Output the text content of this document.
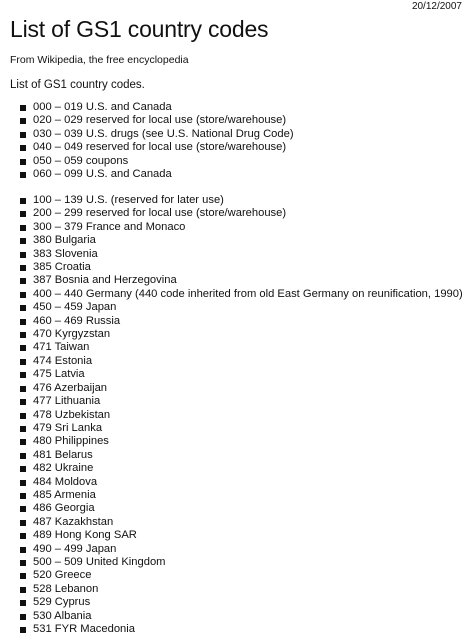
20/12/2007
List of GS1 country codes

From Wikipedia, the free encyclopedia

List of GS1 country codes.

000 – 019 U.S. and Canada
020 – 029 reserved for local use (store/warehouse)
030 – 039 U.S. drugs (see U.S. National Drug Code)
040 – 049 reserved for local use (store/warehouse)
050 – 059 coupons
060 – 099 U.S. and Canada
100 – 139 U.S. (reserved for later use)
200 – 299 reserved for local use (store/warehouse)
300 – 379 France and Monaco
380 Bulgaria
383 Slovenia
385 Croatia
387 Bosnia and Herzegovina
400 – 440 Germany (440 code inherited from old East Germany on reunification, 1990)
450 – 459 Japan
460 – 469 Russia
470 Kyrgyzstan
471 Taiwan
474 Estonia
475 Latvia
476 Azerbaijan
477 Lithuania
478 Uzbekistan
479 Sri Lanka
480 Philippines
481 Belarus
482 Ukraine
484 Moldova
485 Armenia
486 Georgia
487 Kazakhstan
489 Hong Kong SAR
490 – 499 Japan
500 – 509 United Kingdom
520 Greece
528 Lebanon
529 Cyprus
530 Albania
531 FYR Macedonia
